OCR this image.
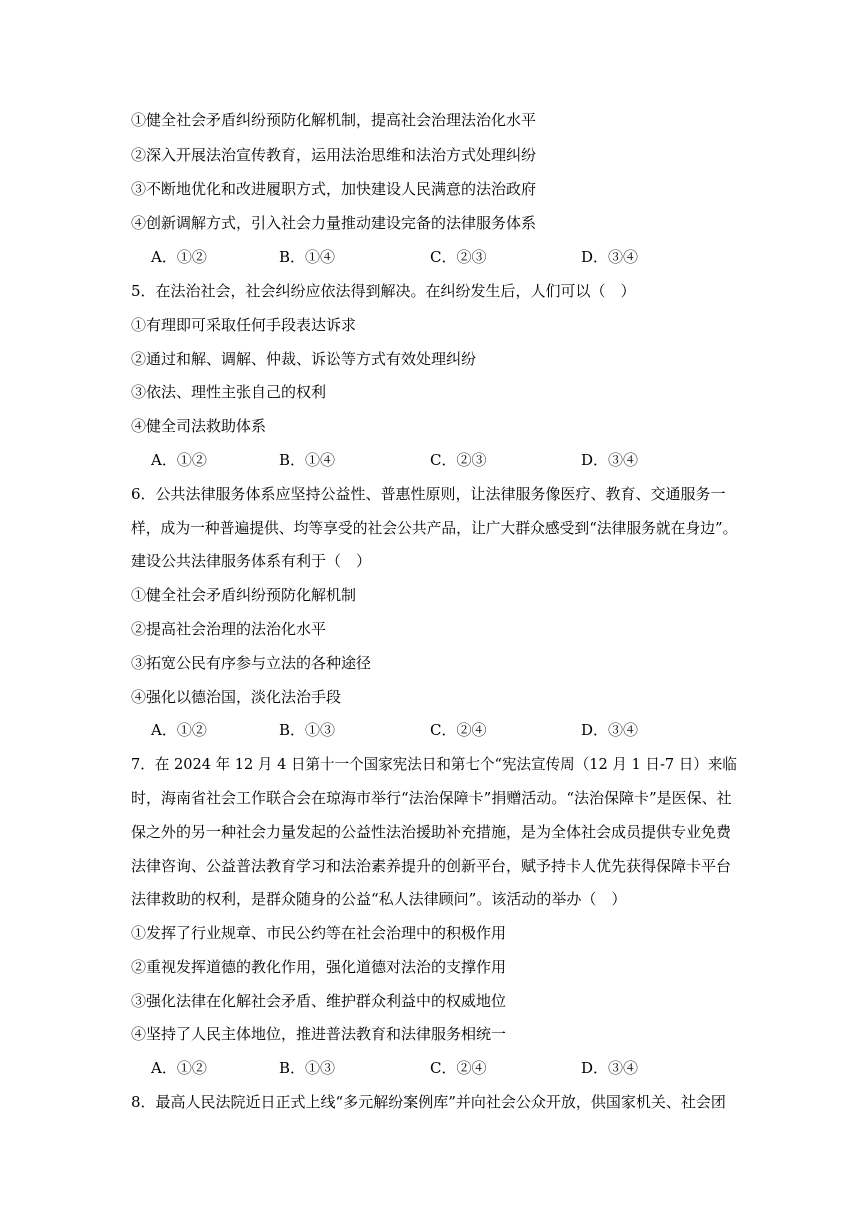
①健全社会矛盾纠纷预防化解机制，提高社会治理法治化水平
②深入开展法治宣传教育，运用法治思维和法治方式处理纠纷
③不断地优化和改进履职方式，加快建设人民满意的法治政府
④创新调解方式，引入社会力量推动建设完备的法律服务体系
A．①②	B．①④	C．②③	D．③④
5．在法治社会，社会纠纷应依法得到解决。在纠纷发生后，人们可以（　）
①有理即可采取任何手段表达诉求
②通过和解、调解、仲裁、诉讼等方式有效处理纠纷
③依法、理性主张自己的权利
④健全司法救助体系
A．①②	B．①④	C．②③	D．③④
6．公共法律服务体系应坚持公益性、普惠性原则，让法律服务像医疗、教育、交通服务一
样，成为一种普遍提供、均等享受的社会公共产品，让广大群众感受到“法律服务就在身边”。
建设公共法律服务体系有利于（　）
①健全社会矛盾纠纷预防化解机制
②提高社会治理的法治化水平
③拓宽公民有序参与立法的各种途径
④强化以德治国，淡化法治手段
A．①②	B．①③	C．②④	D．③④
7．在 2024 年 12 月 4 日第十一个国家宪法日和第七个“宪法宣传周（12 月 1 日-7 日）来临
时，海南省社会工作联合会在琼海市举行“法治保障卡”捐赠活动。“法治保障卡”是医保、社
保之外的另一种社会力量发起的公益性法治援助补充措施，是为全体社会成员提供专业免费
法律咨询、公益普法教育学习和法治素养提升的创新平台，赋予持卡人优先获得保障卡平台
法律救助的权利，是群众随身的公益“私人法律顾问”。该活动的举办（　）
①发挥了行业规章、市民公约等在社会治理中的积极作用
②重视发挥道德的教化作用，强化道德对法治的支撑作用
③强化法律在化解社会矛盾、维护群众利益中的权威地位
④坚持了人民主体地位，推进普法教育和法律服务相统一
A．①②	B．①③	C．②④	D．③④
8．最高人民法院近日正式上线“多元解纷案例库”并向社会公众开放，供国家机关、社会团
